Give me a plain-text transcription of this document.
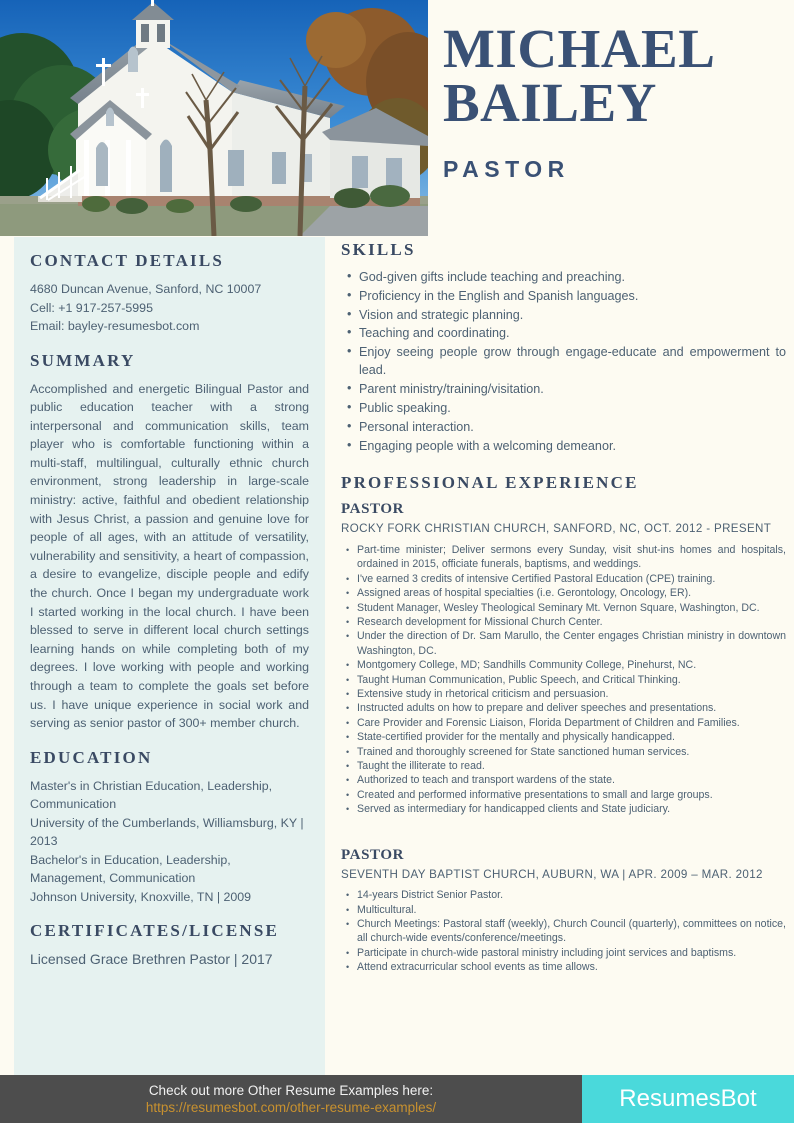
MICHAEL
BAILEY
PASTOR
CONTACT DETAILS
4680 Duncan Avenue, Sanford, NC 10007
Cell: +1 917-257-5995
Email: bayley-resumesbot.com
SUMMARY
Accomplished and energetic Bilingual Pastor and public education teacher with a strong interpersonal and communication skills, team player who is comfortable functioning within a multi-staff, multilingual, culturally ethnic church environment, strong leadership in large-scale ministry: active, faithful and obedient relationship with Jesus Christ, a passion and genuine love for people of all ages, with an attitude of versatility, vulnerability and sensitivity, a heart of compassion, a desire to evangelize, disciple people and edify the church. Once I began my undergraduate work I started working in the local church. I have been blessed to serve in different local church settings learning hands on while completing both of my degrees. I love working with people and working through a team to complete the goals set before us. I have unique experience in social work and serving as senior pastor of 300+ member church.
EDUCATION
Master's in Christian Education, Leadership, Communication
University of the Cumberlands, Williamsburg, KY | 2013
Bachelor's in Education, Leadership, Management, Communication
Johnson University, Knoxville, TN | 2009
CERTIFICATES/LICENSE
Licensed Grace Brethren Pastor | 2017
SKILLS
• God-given gifts include teaching and preaching.
• Proficiency in the English and Spanish languages.
• Vision and strategic planning.
• Teaching and coordinating.
• Enjoy seeing people grow through engage-educate and empowerment to lead.
• Parent ministry/training/visitation.
• Public speaking.
• Personal interaction.
• Engaging people with a welcoming demeanor.
PROFESSIONAL EXPERIENCE
PASTOR
ROCKY FORK CHRISTIAN CHURCH, SANFORD, NC, OCT. 2012 - PRESENT
• Part-time minister; Deliver sermons every Sunday, visit shut-ins homes and hospitals, ordained in 2015, officiate funerals, baptisms, and weddings.
• I've earned 3 credits of intensive Certified Pastoral Education (CPE) training.
• Assigned areas of hospital specialties (i.e. Gerontology, Oncology, ER).
• Student Manager, Wesley Theological Seminary Mt. Vernon Square, Washington, DC.
• Research development for Missional Church Center.
• Under the direction of Dr. Sam Marullo, the Center engages Christian ministry in downtown Washington, DC.
• Montgomery College, MD; Sandhills Community College, Pinehurst, NC.
• Taught Human Communication, Public Speech, and Critical Thinking.
• Extensive study in rhetorical criticism and persuasion.
• Instructed adults on how to prepare and deliver speeches and presentations.
• Care Provider and Forensic Liaison, Florida Department of Children and Families.
• State-certified provider for the mentally and physically handicapped.
• Trained and thoroughly screened for State sanctioned human services.
• Taught the illiterate to read.
• Authorized to teach and transport wardens of the state.
• Created and performed informative presentations to small and large groups.
• Served as intermediary for handicapped clients and State judiciary.
PASTOR
SEVENTH DAY BAPTIST CHURCH, AUBURN, WA | APR. 2009 – MAR. 2012
• 14-years District Senior Pastor.
• Multicultural.
• Church Meetings: Pastoral staff (weekly), Church Council (quarterly), committees on notice, all church-wide events/conference/meetings.
• Participate in church-wide pastoral ministry including joint services and baptisms.
• Attend extracurricular school events as time allows.
Check out more Other Resume Examples here:
https://resumesbot.com/other-resume-examples/	ResumesBot
